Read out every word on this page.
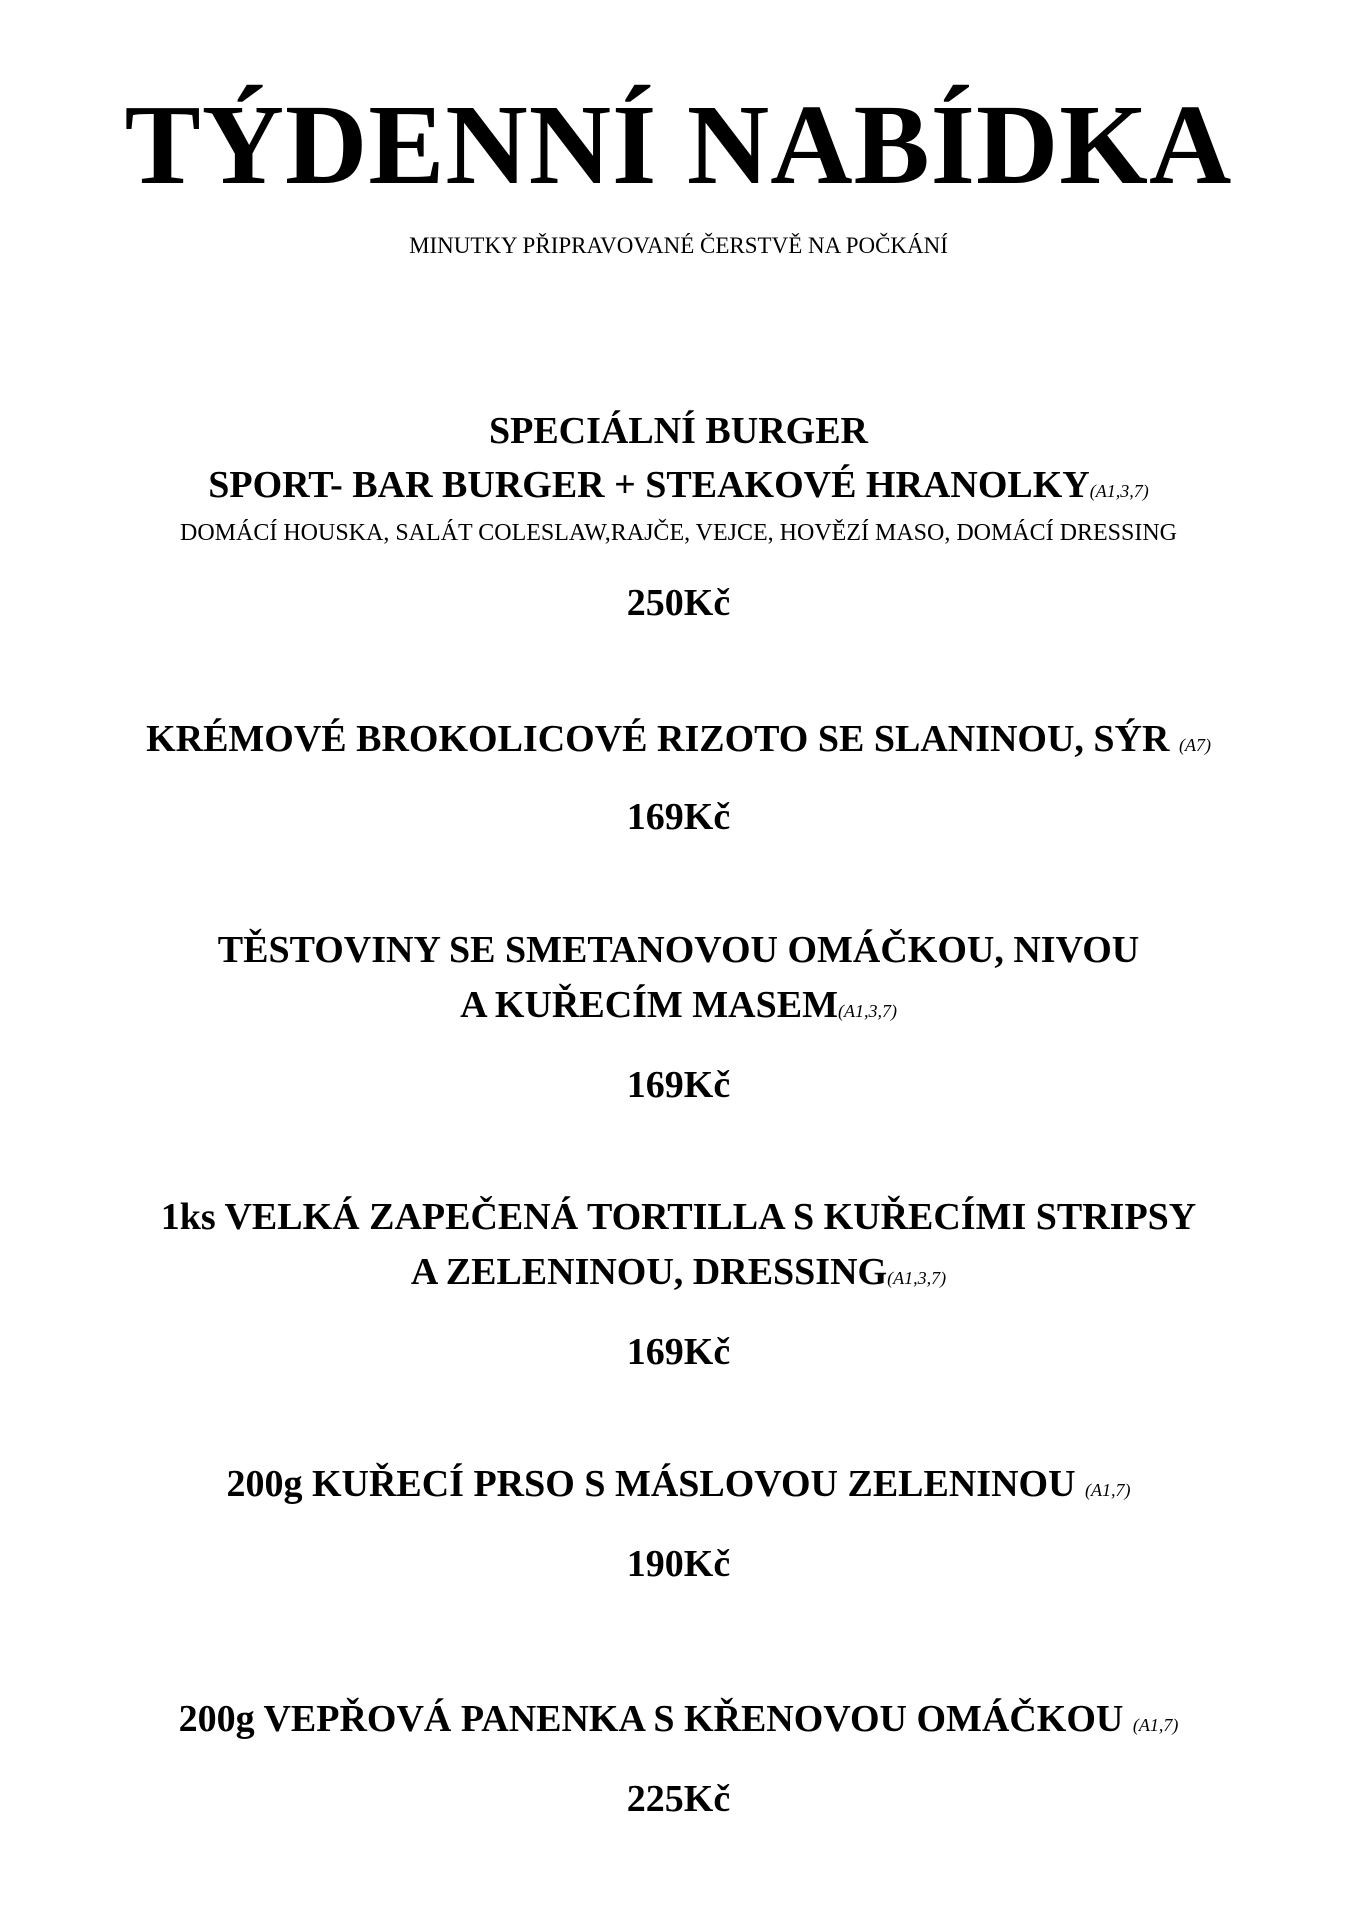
TÝDENNÍ NABÍDKA
MINUTKY PŘIPRAVOVANÉ ČERSTVĚ NA POČKÁNÍ
SPECIÁLNÍ BURGER
SPORT- BAR BURGER + STEAKOVÉ HRANOLKY(A1,3,7)
DOMÁCÍ HOUSKA, SALÁT COLESLAW,RAJČE, VEJCE, HOVĚZÍ MASO, DOMÁCÍ DRESSING
250Kč
KRÉMOVÉ BROKOLICOVÉ RIZOTO SE SLANINOU, SÝR (A7)
169Kč
TĚSTOVINY SE SMETANOVOU OMÁČKOU, NIVOU
A KUŘECÍM MASEM(A1,3,7)
169Kč
1ks VELKÁ ZAPEČENÁ TORTILLA S KUŘECÍMI STRIPSY
A ZELENINOU, DRESSING(A1,3,7)
169Kč
200g KUŘECÍ PRSO S MÁSLOVOU ZELENINOU (A1,7)
190Kč
200g VEPŘOVÁ PANENKA S KŘENOVOU OMÁČKOU (A1,7)
225Kč
